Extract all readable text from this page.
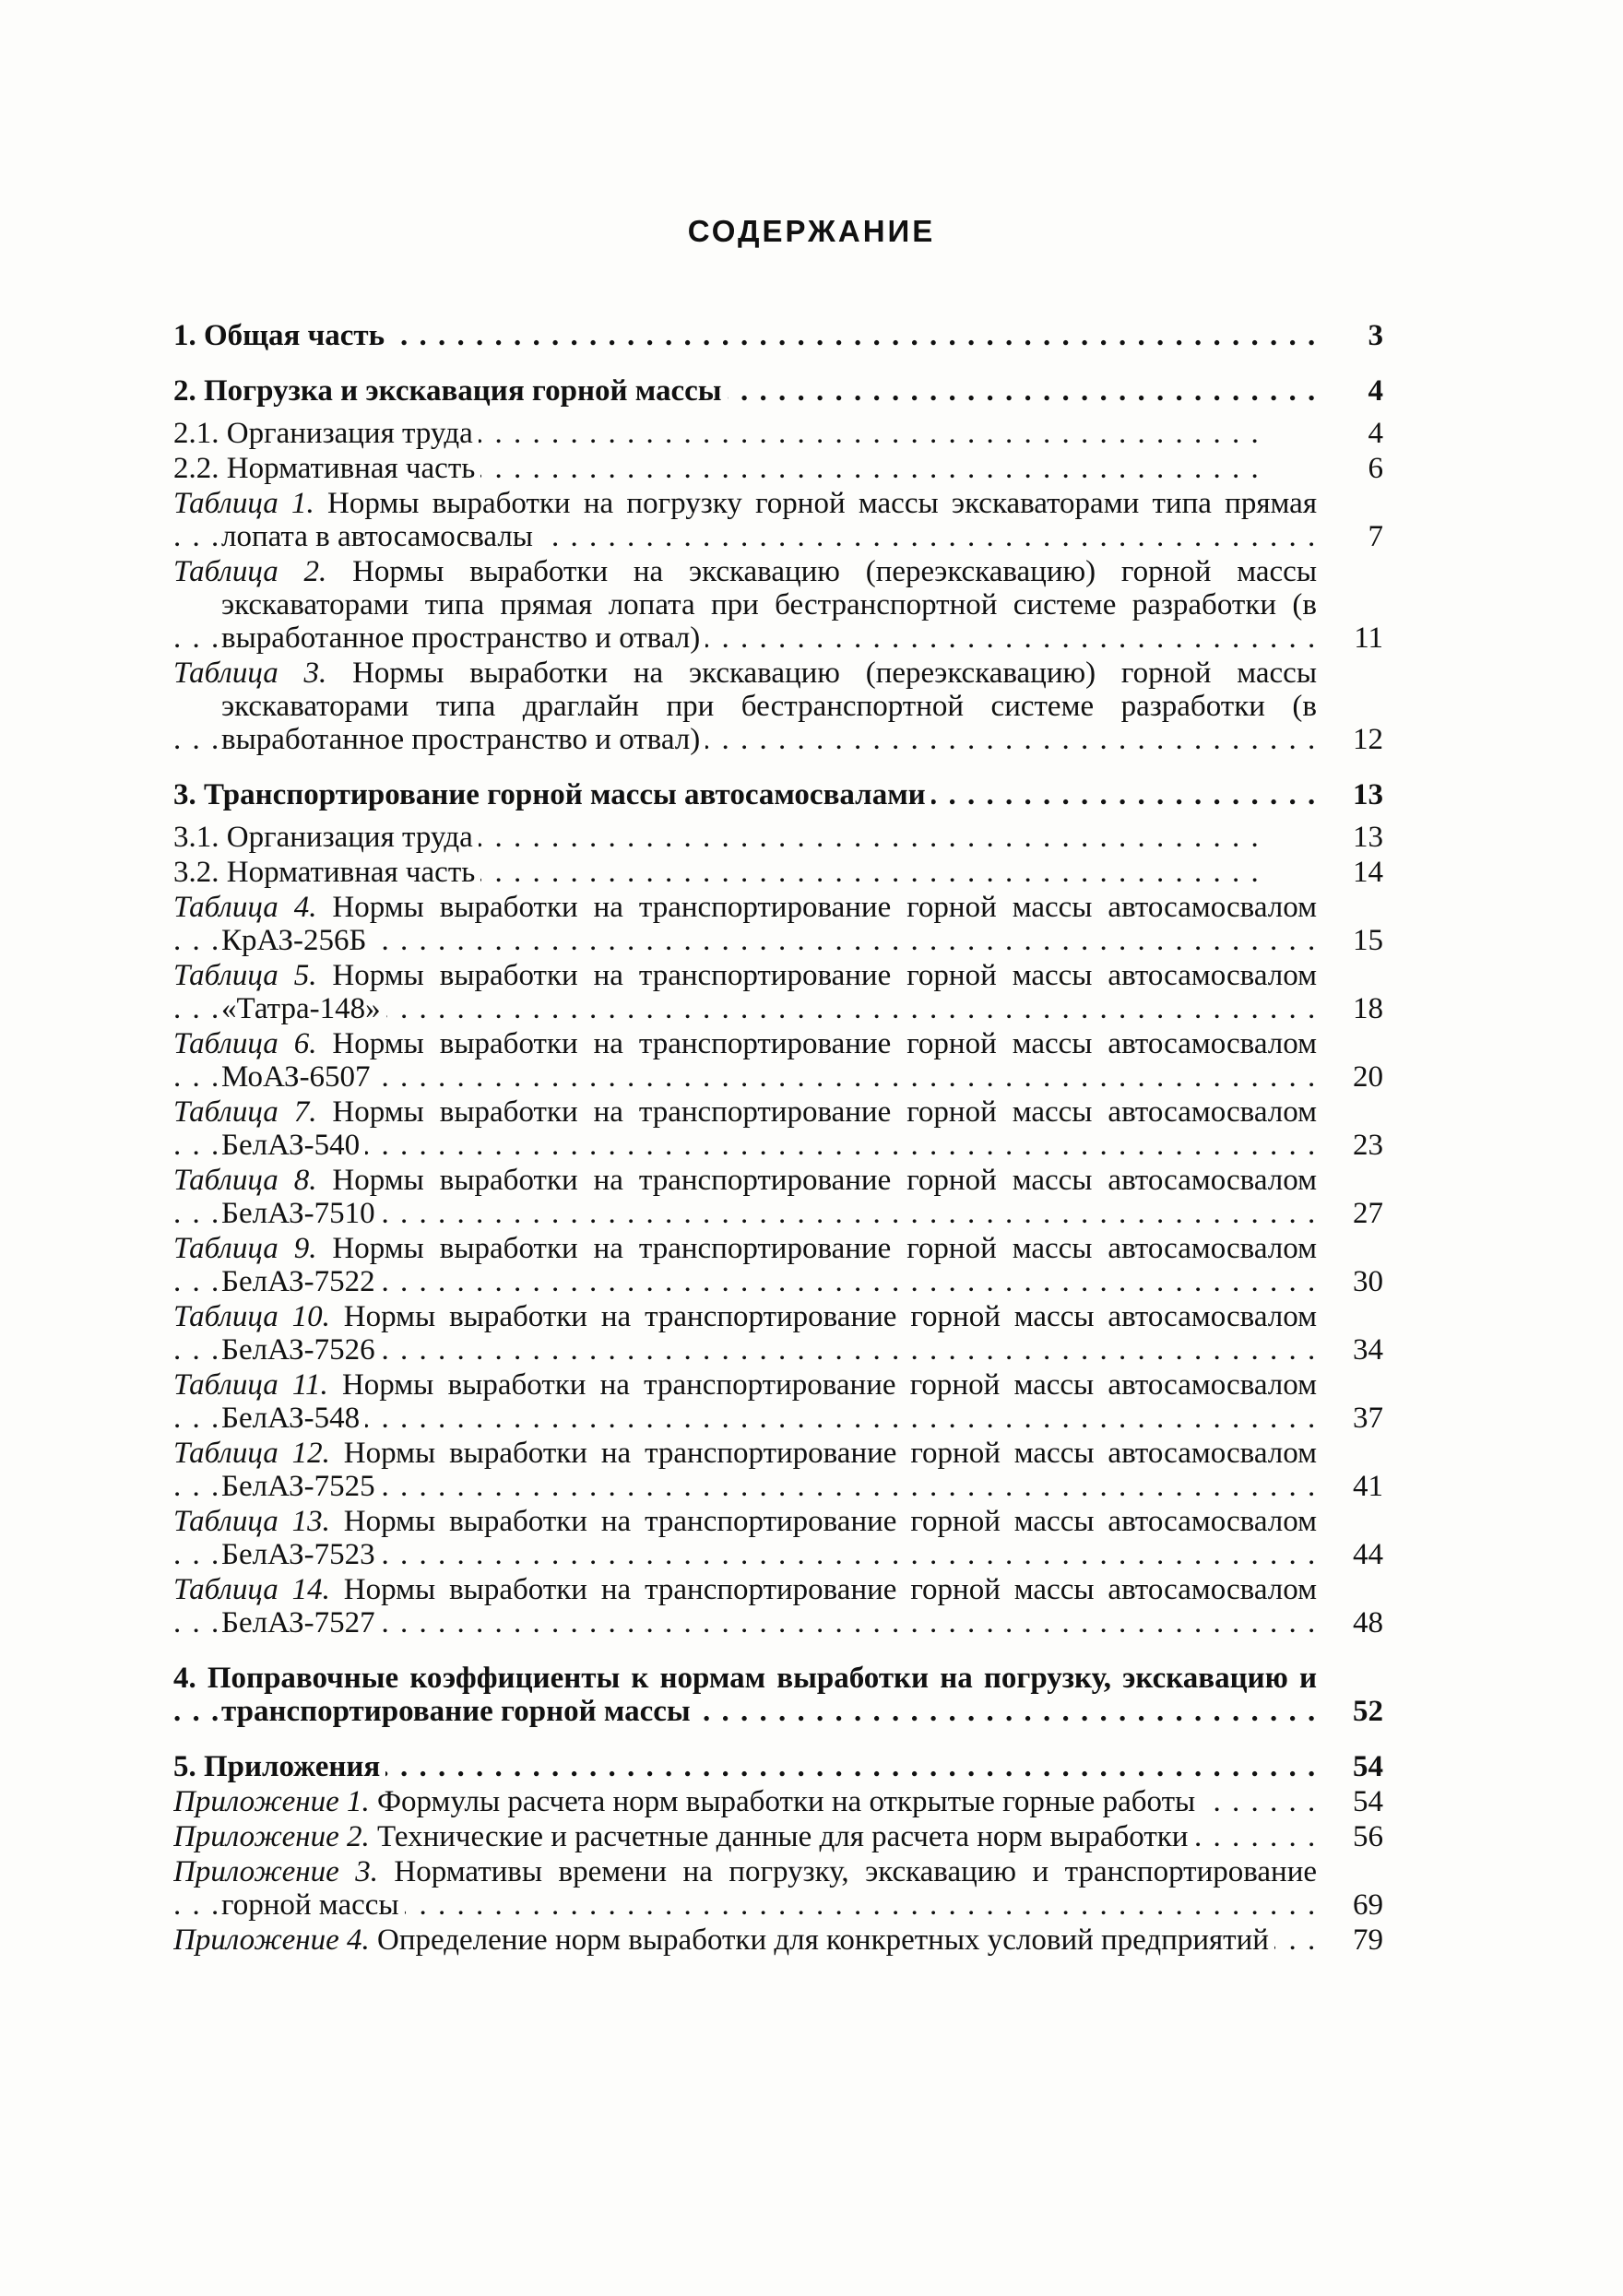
СОДЕРЖАНИЕ
1. Общая часть . .	3
2. Погрузка и экскавация горной массы . .	4
2.1. Организация труда . .	4
2.2. Нормативная часть . .	6
Таблица 1. Нормы выработки на погрузку горной массы экскаваторами типа прямая лопата в автосамосвалы . .	7
Таблица 2. Нормы выработки на экскавацию (переэкскавацию) горной массы экскаваторами типа прямая лопата при бестранспортной системе разработки (в выработанное пространство и отвал) . .	11
Таблица 3. Нормы выработки на экскавацию (переэкскавацию) горной массы экскаваторами типа драглайн при бестранспортной системе разработки (в выработанное пространство и отвал) . .	12
3. Транспортирование горной массы автосамосвалами . .	13
3.1. Организация труда . .	13
3.2. Нормативная часть . .	14
Таблица 4. Нормы выработки на транспортирование горной массы автосамосвалом КрАЗ-256Б . .	15
Таблица 5. Нормы выработки на транспортирование горной массы автосамосвалом «Татра-148» . .	18
Таблица 6. Нормы выработки на транспортирование горной массы автосамосвалом МоАЗ-6507 . .	20
Таблица 7. Нормы выработки на транспортирование горной массы автосамосвалом БелАЗ-540 . .	23
Таблица 8. Нормы выработки на транспортирование горной массы автосамосвалом БелАЗ-7510 . .	27
Таблица 9. Нормы выработки на транспортирование горной массы автосамосвалом БелАЗ-7522 . .	30
Таблица 10. Нормы выработки на транспортирование горной массы автосамосвалом БелАЗ-7526 . .	34
Таблица 11. Нормы выработки на транспортирование горной массы автосамосвалом БелАЗ-548 . .	37
Таблица 12. Нормы выработки на транспортирование горной массы автосамосвалом БелАЗ-7525 . .	41
Таблица 13. Нормы выработки на транспортирование горной массы автосамосвалом БелАЗ-7523 . .	44
Таблица 14. Нормы выработки на транспортирование горной массы автосамосвалом БелАЗ-7527 . .	48
4. Поправочные коэффициенты к нормам выработки на погрузку, экскавацию и транспортирование горной массы . .	52
5. Приложения . .	54
Приложение 1. Формулы расчета норм выработки на открытые горные работы . .	54
Приложение 2. Технические и расчетные данные для расчета норм выработки . .	56
Приложение 3. Нормативы времени на погрузку, экскавацию и транспортирование горной массы . .	69
Приложение 4. Определение норм выработки для конкретных условий предприятий . .	79
